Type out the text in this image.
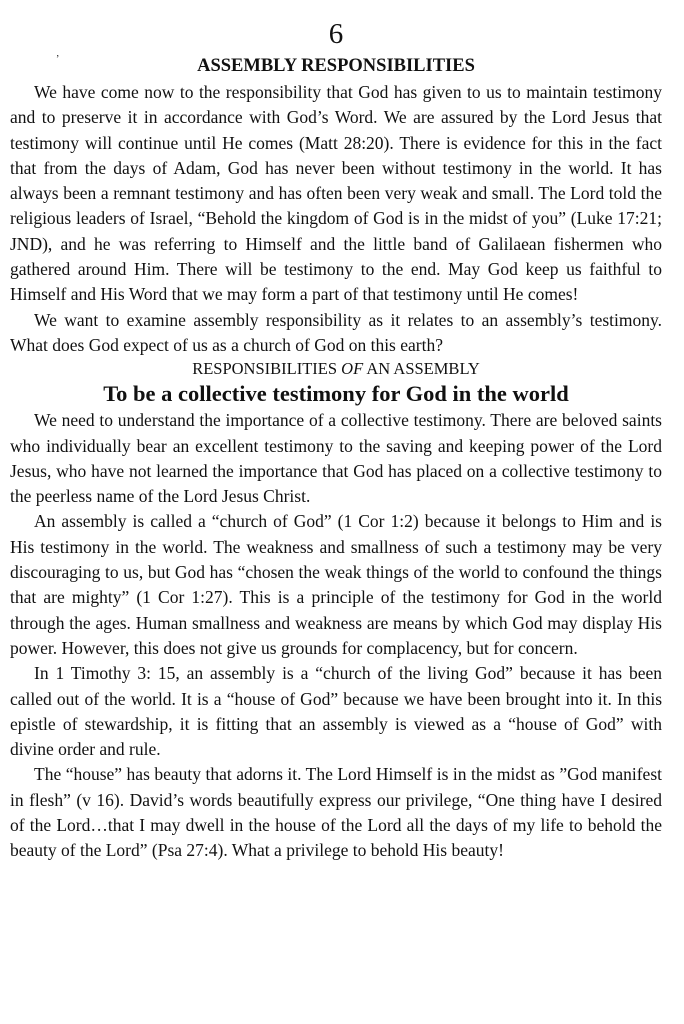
’
6
ASSEMBLY RESPONSIBILITIES

We have come now to the responsibility that God has given to us to maintain testimony and to preserve it in accordance with God’s Word. We are assured by the Lord Jesus that testimony will continue until He comes (Matt 28:20). There is evidence for this in the fact that from the days of Adam, God has never been without testimony in the world. It has always been a remnant testimony and has often been very weak and small. The Lord told the religious leaders of Israel, “Behold the kingdom of God is in the midst of you” (Luke 17:21; JND), and he was referring to Himself and the little band of Galilaean fishermen who gathered around Him. There will be testimony to the end. May God keep us faithful to Himself and His Word that we may form a part of that testimony until He comes!

We want to examine assembly responsibility as it relates to an assembly’s testimony. What does God expect of us as a church of God on this earth?

RESPONSIBILITIES OF AN ASSEMBLY
To be a collective testimony for God in the world

We need to understand the importance of a collective testimony. There are beloved saints who individually bear an excellent testimony to the saving and keeping power of the Lord Jesus, who have not learned the importance that God has placed on a collective testimony to the peerless name of the Lord Jesus Christ.

An assembly is called a “church of God” (1 Cor 1:2) because it belongs to Him and is His testimony in the world. The weakness and smallness of such a testimony may be very discouraging to us, but God has “chosen the weak things of the world to confound the things that are mighty” (1 Cor 1:27). This is a principle of the testimony for God in the world through the ages. Human smallness and weakness are means by which God may display His power. However, this does not give us grounds for complacency, but for concern.

In 1 Timothy 3: 15, an assembly is a “church of the living God” because it has been called out of the world. It is a “house of God” because we have been brought into it. In this epistle of stewardship, it is fitting that an assembly is viewed as a “house of God” with divine order and rule.

The “house” has beauty that adorns it. The Lord Himself is in the midst as ”God manifest in flesh” (v 16). David’s words beautifully express our privilege, “One thing have I desired of the Lord…that I may dwell in the house of the Lord all the days of my life to behold the beauty of the Lord” (Psa 27:4). What a privilege to behold His beauty!
